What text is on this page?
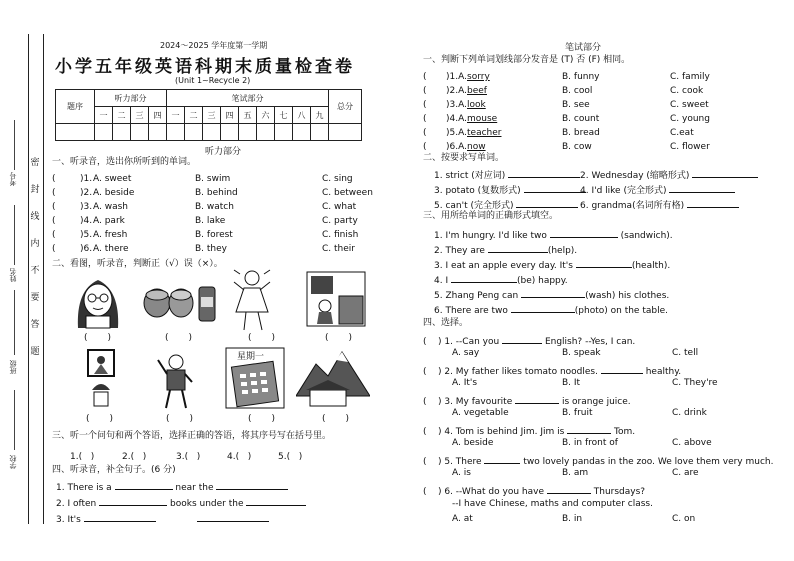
密
封
线
内
不
要
答
题
考号
姓名
班级
学校
2024～2025 学年度第一学期
小学五年级英语科期末质量检查卷
(Unit 1~Recycle 2)
题序	听力部分				笔试部分									总分
	一	二	三	四	一	二	三	四	五	六	七	八	九	

听力部分
一、听录音，选出你所听到的单词。
(	)1. A. sweet	B. swim	C. sing
(	)2. A. beside	B. behind	C. between
(	)3. A. wash	B. watch	C. what
(	)4. A. park	B. lake	C. party
(	)5. A. fresh	B. forest	C. finish
(	)6. A. there	B. they	C. their
二、看图，听录音，判断正（√）误（×）。
(       )	(       )	(       )	(       )
星期一
(       )	(       )	(       )	(       )
三、听一个问句和两个答语，选择正确的答语，将其序号写在括号里。
1.(   )	2.(   )	3.(   )	4.(   )	5.(   )
四、听录音，补全句子。(6 分)
1. There is a	near the
2. I often	books under the
3. It's
笔试部分
一、判断下列单词划线部分发音是 (T) 否 (F) 相同。
( )1.A. sorry	B. funny	C. family
( )2.A. beef	B. cool	C. cook
( )3.A. look	B. see	C. sweet
( )4.A. mouse	B. count	C. young
( )5.A. teacher	B. bread	C.eat
( )6.A. now	B. cow	C. flower
二、按要求写单词。
1. strict (对应词)	2. Wednesday (缩略形式)
3. potato (复数形式)	4. I'd like (完全形式)
5. can't (完全形式)	6. grandma(名词所有格)
三、用所给单词的正确形式填空。
1. I'm hungry. I'd like two	(sandwich).
2. They are	(help).
3. I eat an apple every day. It's	(health).
4. I	(be) happy.
5. Zhang Peng can	(wash) his clothes.
6. There are two	(photo) on the table.
四、选择。
(    ) 1. --Can you	English? --Yes, I can.
A. say	B. speak	C. tell
(    ) 2. My father likes tomato noodles.	healthy.
A. It's	B. It	C. They're
(    ) 3. My favourite	is orange juice.
A. vegetable	B. fruit	C. drink
(    ) 4. Tom is behind Jim. Jim is	Tom.
A. beside	B. in front of	C. above
(    ) 5. There	two lovely pandas in the zoo. We love them very much.
A. is	B. am	C. are
(    ) 6. --What do you have	Thursdays?
--I have Chinese, maths and computer class.
A. at	B. in	C. on
